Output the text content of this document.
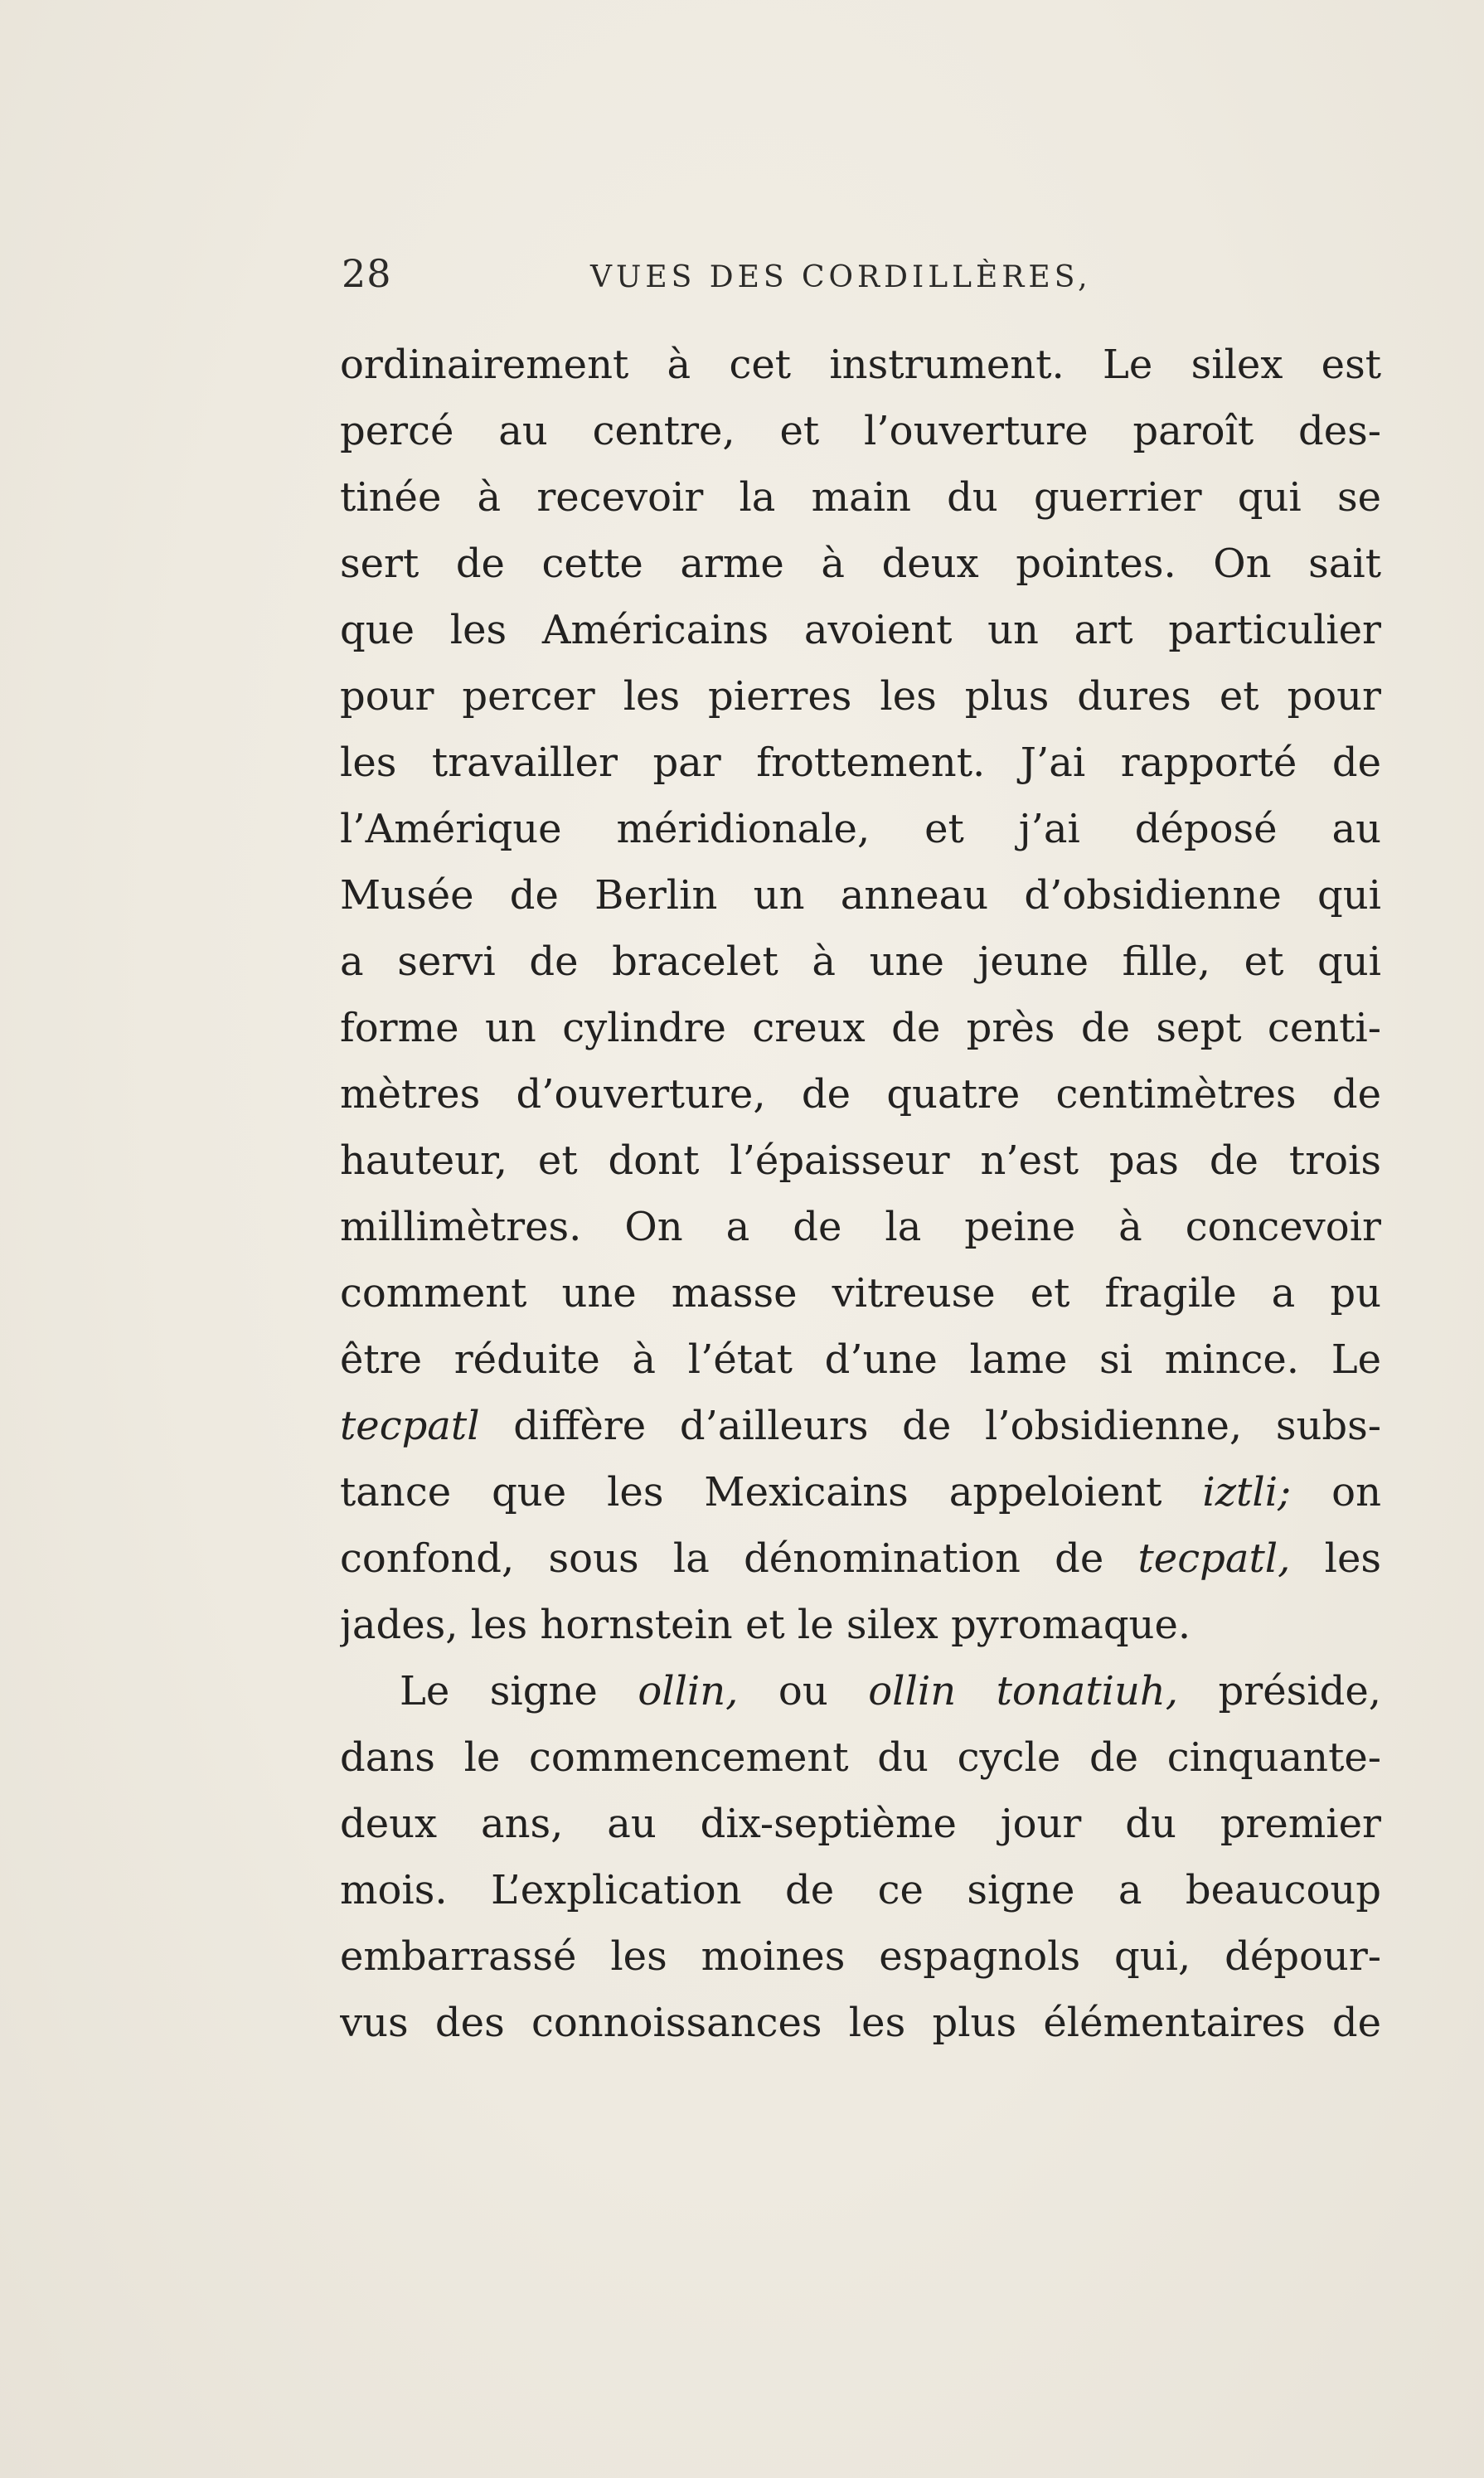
28	VUES DES CORDILLÈRES,
ordinairement à cet instrument. Le silex est
percé au centre, et l’ouverture paroît des-
tinée à recevoir la main du guerrier qui se
sert de cette arme à deux pointes. On sait
que les Américains avoient un art particulier
pour percer les pierres les plus dures et pour
les travailler par frottement. J’ai rapporté de
l’Amérique méridionale, et j’ai déposé au
Musée de Berlin un anneau d’obsidienne qui
a servi de bracelet à une jeune fille, et qui
forme un cylindre creux de près de sept centi-
mètres d’ouverture, de quatre centimètres de
hauteur, et dont l’épaisseur n’est pas de trois
millimètres. On a de la peine à concevoir
comment une masse vitreuse et fragile a pu
être réduite à l’état d’une lame si mince. Le
tecpatl diffère d’ailleurs de l’obsidienne, subs-
tance que les Mexicains appeloient iztli; on
confond, sous la dénomination de tecpatl, les
jades, les hornstein et le silex pyromaque.
Le signe ollin, ou ollin tonatiuh, préside,
dans le commencement du cycle de cinquante-
deux ans, au dix-septième jour du premier
mois. L’explication de ce signe a beaucoup
embarrassé les moines espagnols qui, dépour-
vus des connoissances les plus élémentaires de
